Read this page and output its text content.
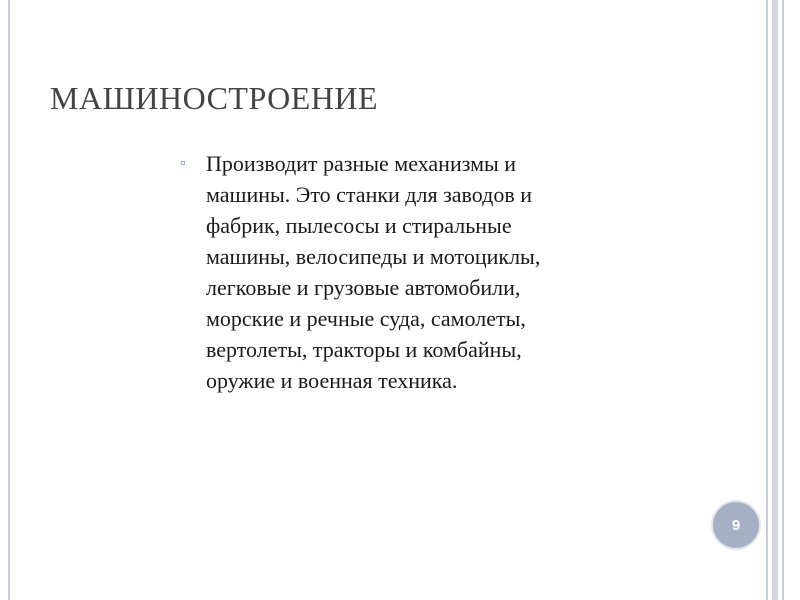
МАШИНОСТРОЕНИЕ
▫ Производит разные механизмы и машины. Это станки для заводов и фабрик, пылесосы и стиральные машины, велосипеды и мотоциклы, легковые и грузовые автомобили, морские и речные суда, самолеты, вертолеты, тракторы и комбайны, оружие и военная техника.
9
